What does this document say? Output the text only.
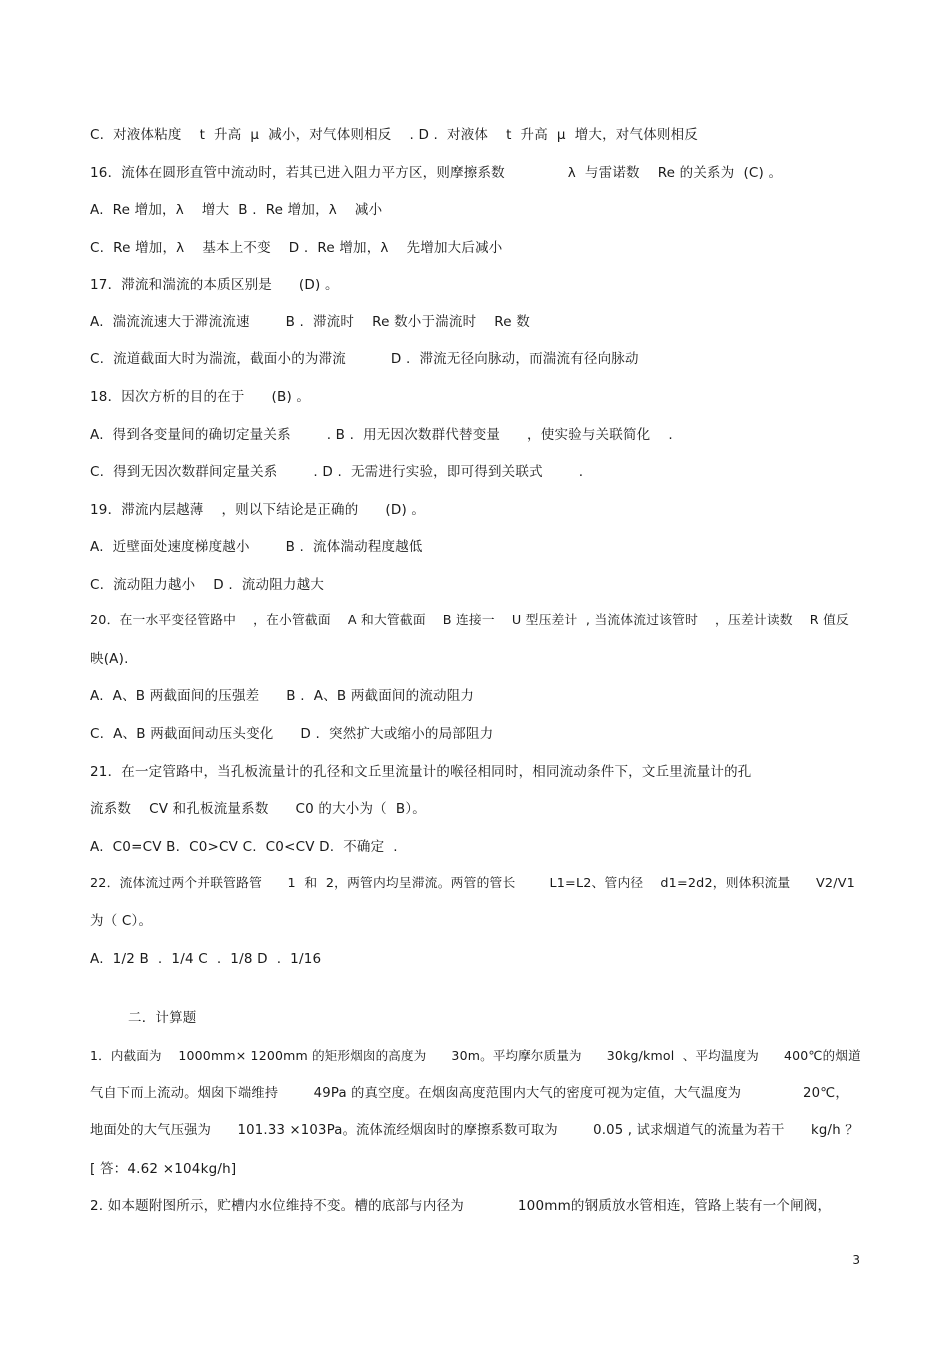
C.  对液体粘度    t  升高  μ  减小，对气体则相反    . D .  对液体    t  升高  μ  增大，对气体则相反

16．流体在圆形直管中流动时，若其已进入阻力平方区，则摩擦系数              λ  与雷诺数    Re 的关系为  (C) 。

A.  Re 增加，λ    增大  B .  Re 增加，λ    减小

C.  Re 增加，λ    基本上不变    D .  Re 增加，λ    先增加大后减小

17．滞流和湍流的本质区别是      (D) 。

A.  湍流流速大于滞流流速        B .  滞流时    Re 数小于湍流时    Re 数

C.  流道截面大时为湍流，截面小的为滞流          D .  滞流无径向脉动，而湍流有径向脉动

18．因次方析的目的在于      (B) 。

A.  得到各变量间的确切定量关系        . B .  用无因次数群代替变量      ，使实验与关联简化    .

C.  得到无因次数群间定量关系        . D .  无需进行实验，即可得到关联式        .

19．滞流内层越薄    ，则以下结论是正确的      (D) 。

A.  近壁面处速度梯度越小        B .  流体湍动程度越低

C.  流动阻力越小    D .  流动阻力越大

20．在一水平变径管路中    ，在小管截面    A 和大管截面    B 连接一    U 型压差计  , 当流体流过该管时    ，压差计读数    R 值反

映(A).

A.  A、B 两截面间的压强差      B .  A、B 两截面间的流动阻力

C.  A、B 两截面间动压头变化      D .  突然扩大或缩小的局部阻力

21．在一定管路中，当孔板流量计的孔径和文丘里流量计的喉径相同时，相同流动条件下，文丘里流量计的孔

流系数    CV 和孔板流量系数      C0 的大小为（  B）。

A.  C0=CV B.  C0>CV C.  C0<CV D.  不确定  .

22．流体流过两个并联管路管      1  和  2，两管内均呈滞流。两管的管长        L1=L2、管内径    d1=2d2，则体积流量      V2/V1

为（ C）。

A.  1/2 B  .  1/4 C  .  1/8 D  .  1/16

二．计算题

1．内截面为    1000mm× 1200mm 的矩形烟囱的高度为      30m。平均摩尔质量为      30kg/kmol  、平均温度为      400℃的烟道

气自下而上流动。烟囱下端维持        49Pa 的真空度。在烟囱高度范围内大气的密度可视为定值，大气温度为              20℃，

地面处的大气压强为      101.33 ×103Pa。流体流经烟囱时的摩擦系数可取为        0.05 , 试求烟道气的流量为若干      kg/h ？

[ 答：4.62 ×104kg/h]

2. 如本题附图所示，贮槽内水位维持不变。槽的底部与内径为            100mm的钢质放水管相连，管路上装有一个闸阀，

3
